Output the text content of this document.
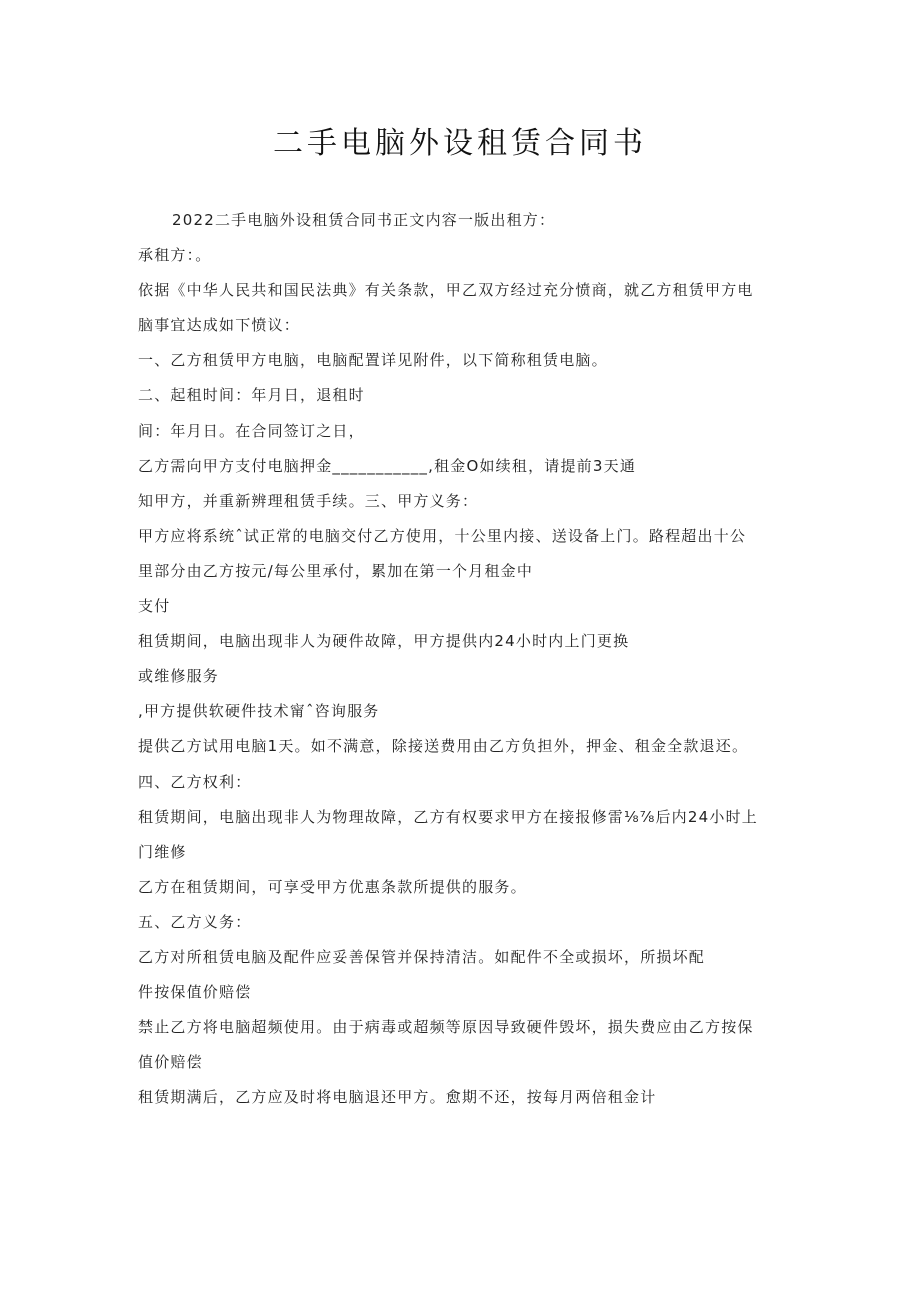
二手电脑外设租赁合同书
2022二手电脑外设租赁合同书正文内容一版出租方：
承租方：。
依据《中华人民共和国民法典》有关条款，甲乙双方经过充分愤商，就乙方租赁甲方电
脑事宜达成如下愤议：
一、乙方租赁甲方电脑，电脑配置详见附件，以下简称租赁电脑。
二、起租时间：年月日，退租时
间：年月日。在合同签订之日，
乙方需向甲方支付电脑押金___________,租金O如续租，请提前3天通
知甲方，并重新辨理租赁手续。三、甲方义务：
甲方应将系统ˆ试正常的电脑交付乙方使用，十公里内接、送设备上门。路程超出十公
里部分由乙方按元/每公里承付，累加在第一个月租金中
支付
租赁期间，电脑出现非人为硬件故障，甲方提供内24小时内上门更换
或维修服务
,甲方提供软硬件技术甯ˆ咨询服务
提供乙方试用电脑1天。如不满意，除接送费用由乙方负担外，押金、租金全款退还。
四、乙方权利：
租赁期间，电脑出现非人为物理故障，乙方有权要求甲方在接报修雷⅛⅞后内24小时上
门维修
乙方在租赁期间，可享受甲方优惠条款所提供的服务。
五、乙方义务：
乙方对所租赁电脑及配件应妥善保管并保持清洁。如配件不全或损坏，所损坏配
件按保值价赔偿
禁止乙方将电脑超频使用。由于病毒或超频等原因导致硬件毁坏，损失费应由乙方按保
值价赔偿
租赁期满后，乙方应及时将电脑退还甲方。愈期不还，按每月两倍租金计
